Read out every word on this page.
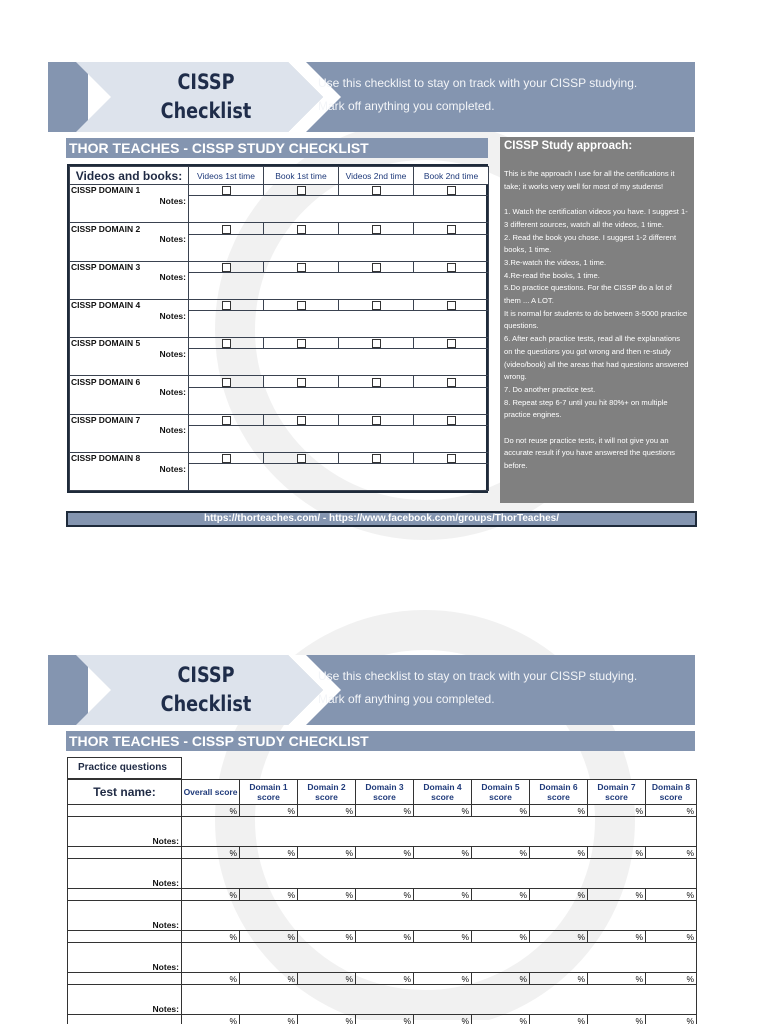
CISSP
Checklist
Use this checklist to stay on track with your CISSP studying.
Mark off anything you completed.
THOR TEACHES - CISSP STUDY CHECKLIST
Videos and books:	Videos 1st time	Book 1st time	Videos 2nd time	Book 2nd time
CISSP DOMAIN 1				
Notes:				
CISSP DOMAIN 2				
Notes:				
CISSP DOMAIN 3				
Notes:				
CISSP DOMAIN 4				
Notes:				
CISSP DOMAIN 5				
Notes:				
CISSP DOMAIN 6				
Notes:				
CISSP DOMAIN 7				
Notes:				
CISSP DOMAIN 8				
Notes:				
CISSP Study approach:

This is the approach I use for all the certifications it take; it works very well for most of my students!

1. Watch the certification videos you have. I suggest 1-3 different sources, watch all the videos, 1 time.
2. Read the book you chose. I suggest 1-2 different books, 1 time.
3.Re-watch the videos, 1 time.
4.Re-read the books, 1 time.
5.Do practice questions. For the CISSP do a lot of them ... A LOT.
It is normal for students to do between 3-5000 practice questions.
6. After each practice tests, read all the explanations on the questions you got wrong and then re-study (video/book) all the areas that had questions answered wrong.
7. Do another practice test.
8. Repeat step 6-7 until you hit 80%+ on multiple practice engines.

Do not reuse practice tests, it will not give you an accurate result if you have answered the questions before.

https://thorteaches.com/ - https://www.facebook.com/groups/ThorTeaches/
CISSP
Checklist
Use this checklist to stay on track with your CISSP studying.
Mark off anything you completed.
THOR TEACHES - CISSP STUDY CHECKLIST
Practice questions
Test name:	Overall score	Domain 1 score	Domain 2 score	Domain 3 score	Domain 4 score	Domain 5 score	Domain 6 score	Domain 7 score	Domain 8 score
	%	%	%	%	%	%	%	%	%
Notes:									
	%	%	%	%	%	%	%	%	%
Notes:									
	%	%	%	%	%	%	%	%	%
Notes:									
	%	%	%	%	%	%	%	%	%
Notes:									
	%	%	%	%	%	%	%	%	%
Notes:									
	%	%	%	%	%	%	%	%	%
